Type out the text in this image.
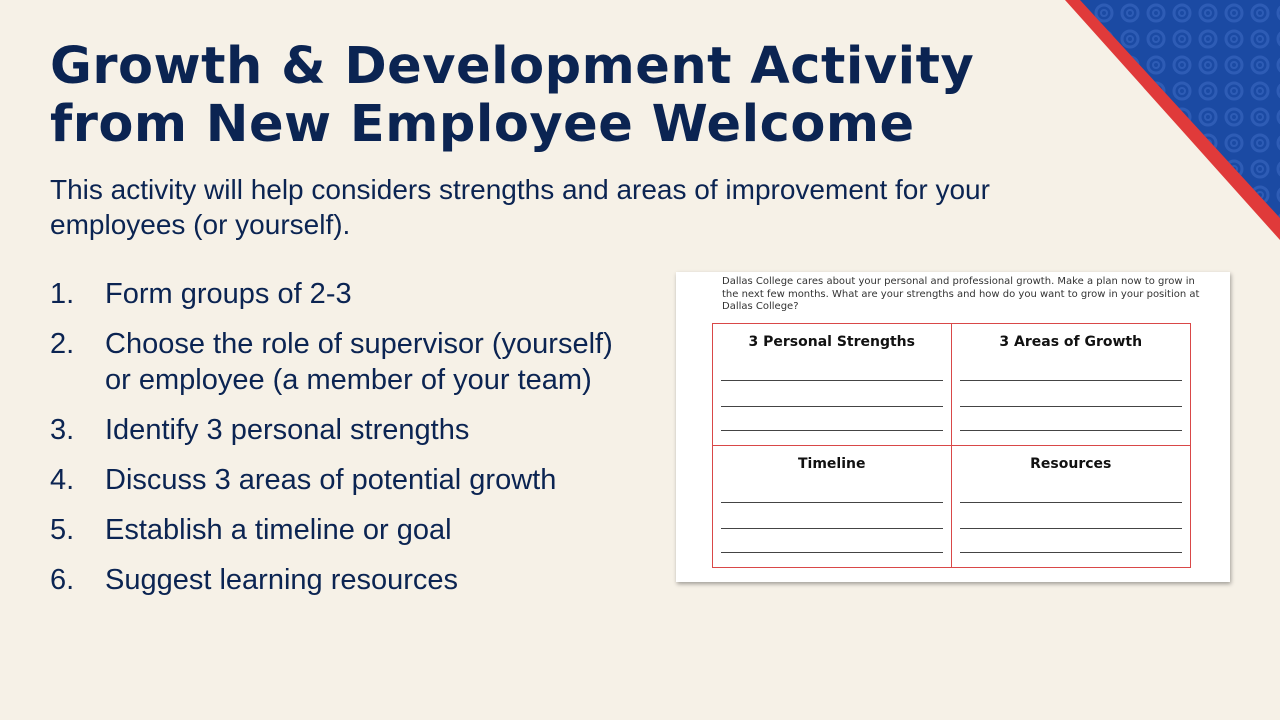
Growth & Development Activity
from New Employee Welcome

This activity will help considers strengths and areas of improvement for your employees (or yourself).

1.	Form groups of 2-3
2.	Choose the role of supervisor (yourself) or employee (a member of your team)
3.	Identify 3 personal strengths
4.	Discuss 3 areas of potential growth
5.	Establish a timeline or goal
6.	Suggest learning resources

Dallas College cares about your personal and professional growth. Make a plan now to grow in the next few months. What are your strengths and how do you want to grow in your position at Dallas College?

3 Personal Strengths	3 Areas of Growth
Timeline	Resources
